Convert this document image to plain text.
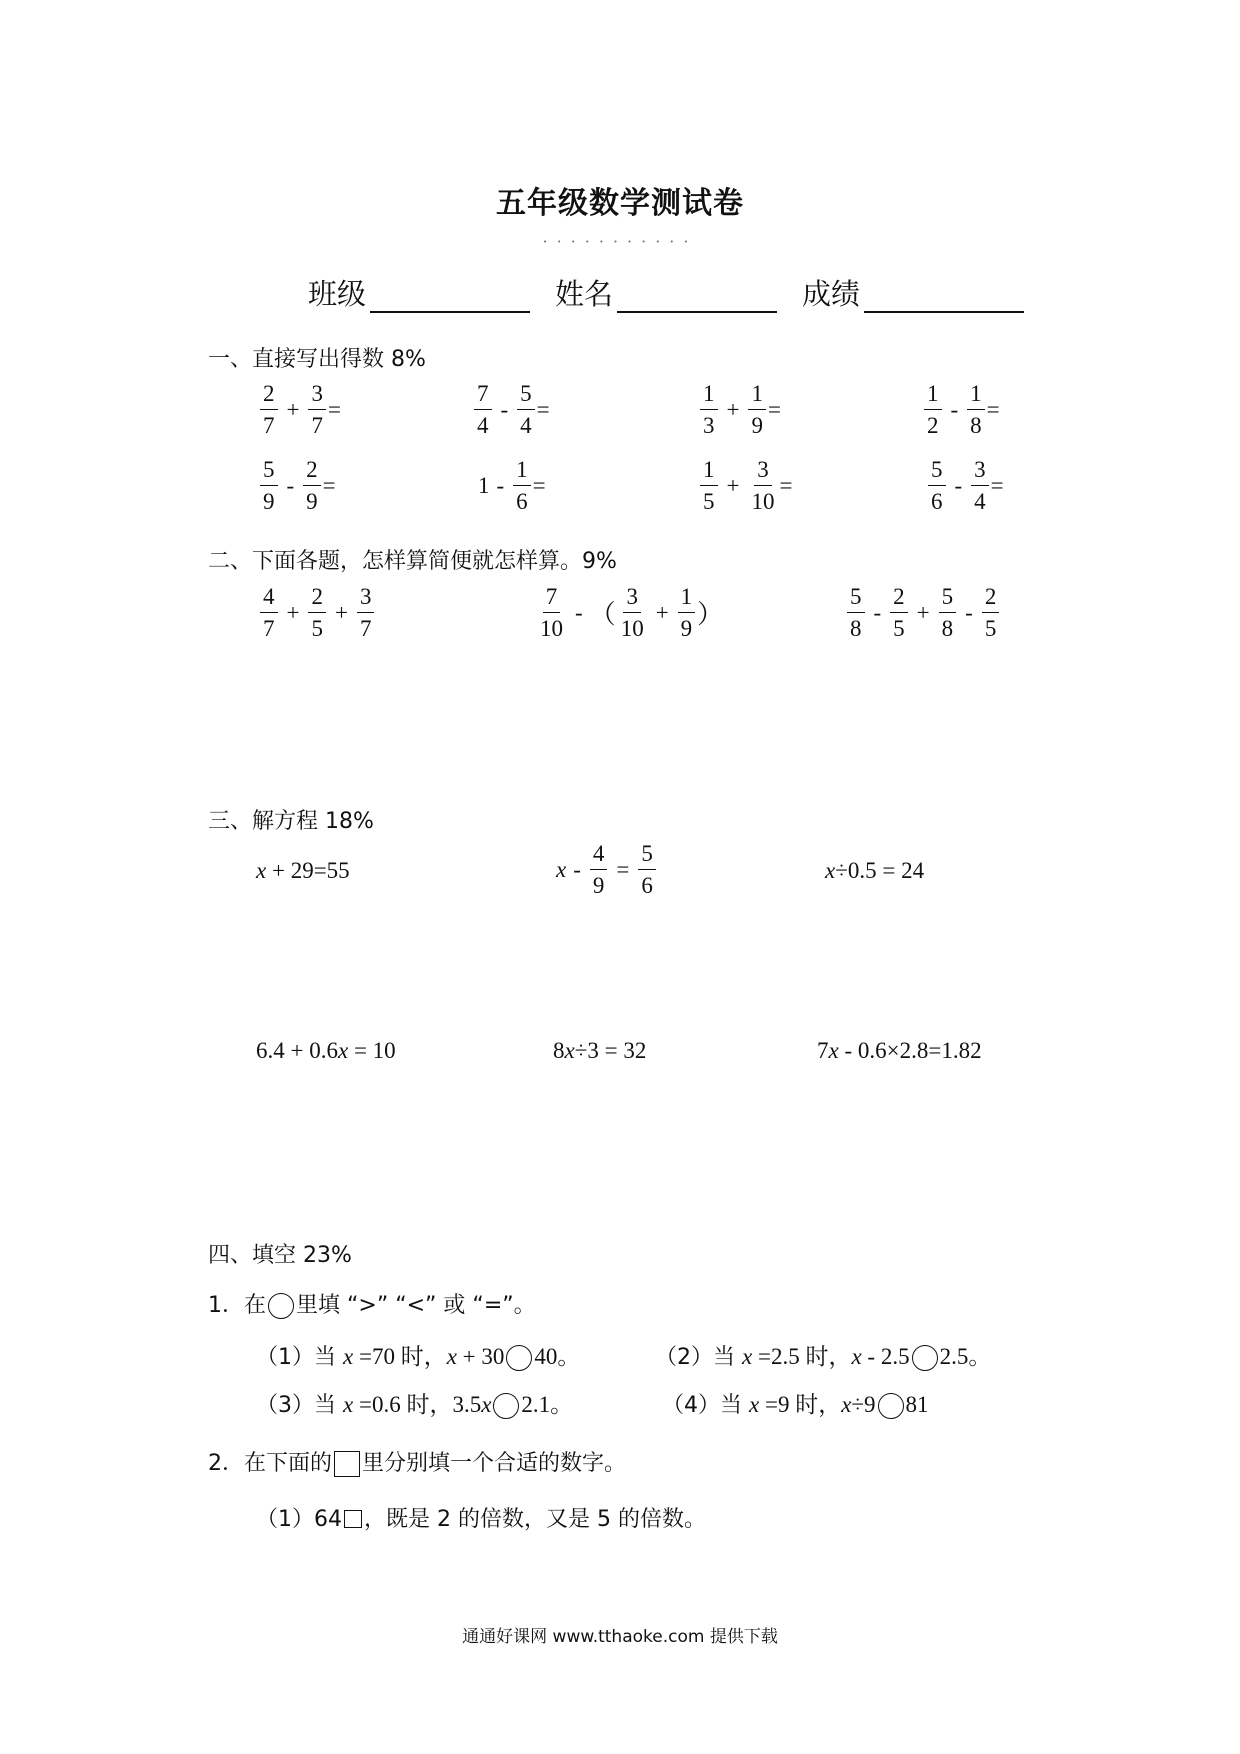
五年级数学测试卷
···········
班级	姓名	成绩
一、直接写出得数 8%
$\frac{2}{7} + \frac{3}{7}$ =	$\frac{7}{4} - \frac{5}{4}$ =	$\frac{1}{3} + \frac{1}{9}$ =	$\frac{1}{2} - \frac{1}{8}$ =
$\frac{5}{9} - \frac{2}{9}$ =	$1 - \frac{1}{6}$ =	$\frac{1}{5} + \frac{3}{10}$ =	$\frac{5}{6} - \frac{3}{4}$ =
二、下面各题，怎样算简便就怎样算。9%
$\frac{4}{7} + \frac{2}{5} + \frac{3}{7}$	$\frac{7}{10}$ - （ $\frac{3}{10} + \frac{1}{9}$ ）	$\frac{5}{8} - \frac{2}{5} + \frac{5}{8} - \frac{2}{5}$
三、解方程 18%
x + 29=55	$x - \frac{4}{9} = \frac{5}{6}$	x÷0.5 = 24
6.4 + 0.6x = 10	8x÷3 = 32	7x - 0.6×2.8=1.82
四、填空 23%
1．在 里填 “>” “<” 或 “=”。
（1）当 x =70 时，x + 30 40。	（2）当 x =2.5 时，x - 2.5 2.5。
（3）当 x =0.6 时，3.5x 2.1。	（4）当 x =9 时，x÷9 81
2．在下面的 里分别填一个合适的数字。
（1）64 ，既是 2 的倍数，又是 5 的倍数。
通通好课网 www.tthaoke.com 提供下载
